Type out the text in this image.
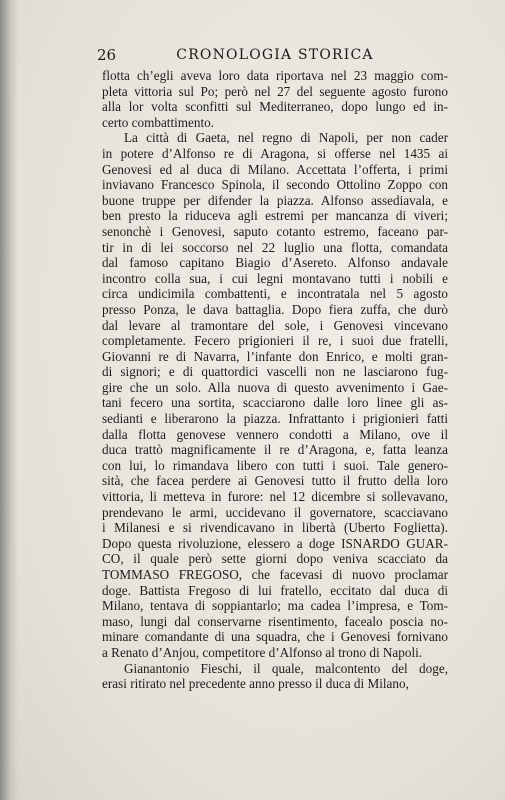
26	CRONOLOGIA STORICA
flotta ch’egli aveva loro data riportava nel 23 maggio com-
pleta vittoria sul Po; però nel 27 del seguente agosto furono
alla lor volta sconfitti sul Mediterraneo, dopo lungo ed in-
certo combattimento.
La città di Gaeta, nel regno di Napoli, per non cader
in potere d’Alfonso re di Aragona, si offerse nel 1435 ai
Genovesi ed al duca di Milano. Accettata l’offerta, i primi
inviavano Francesco Spinola, il secondo Ottolino Zoppo con
buone truppe per difender la piazza. Alfonso assediavala, e
ben presto la riduceva agli estremi per mancanza di viveri;
senonchè i Genovesi, saputo cotanto estremo, faceano par-
tir in di lei soccorso nel 22 luglio una flotta, comandata
dal famoso capitano Biagio d’Asereto. Alfonso andavale
incontro colla sua, i cui legni montavano tutti i nobili e
circa undicimila combattenti, e incontratala nel 5 agosto
presso Ponza, le dava battaglia. Dopo fiera zuffa, che durò
dal levare al tramontare del sole, i Genovesi vincevano
completamente. Fecero prigionieri il re, i suoi due fratelli,
Giovanni re di Navarra, l’infante don Enrico, e molti gran-
di signori; e di quattordici vascelli non ne lasciarono fug-
gire che un solo. Alla nuova di questo avvenimento i Gae-
tani fecero una sortita, scacciarono dalle loro linee gli as-
sedianti e liberarono la piazza. Infrattanto i prigionieri fatti
dalla flotta genovese vennero condotti a Milano, ove il
duca trattò magnificamente il re d’Aragona, e, fatta leanza
con lui, lo rimandava libero con tutti i suoi. Tale genero-
sità, che facea perdere ai Genovesi tutto il frutto della loro
vittoria, li metteva in furore: nel 12 dicembre si sollevavano,
prendevano le armi, uccidevano il governatore, scacciavano
i Milanesi e si rivendicavano in libertà (Uberto Foglietta).
Dopo questa rivoluzione, elessero a doge ISNARDO GUAR-
CO, il quale però sette giorni dopo veniva scacciato da
TOMMASO FREGOSO, che facevasi di nuovo proclamar
doge. Battista Fregoso di lui fratello, eccitato dal duca di
Milano, tentava di soppiantarlo; ma cadea l’impresa, e Tom-
maso, lungi dal conservarne risentimento, facealo poscia no-
minare comandante di una squadra, che i Genovesi fornivano
a Renato d’Anjou, competitore d’Alfonso al trono di Napoli.
Gianantonio Fieschi, il quale, malcontento del doge,
erasi ritirato nel precedente anno presso il duca di Milano,
